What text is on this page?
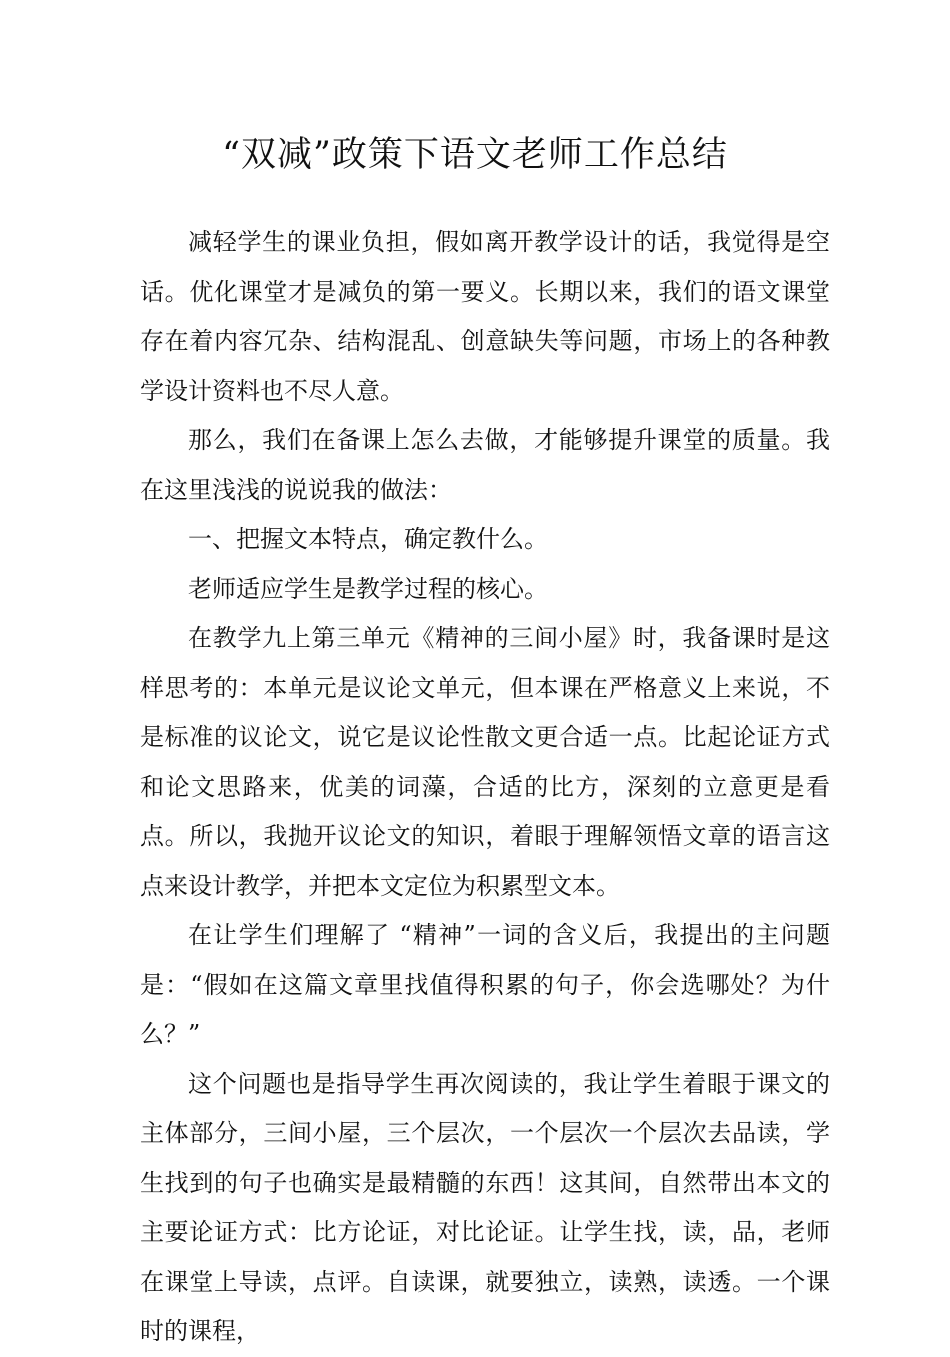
“双减”政策下语文老师工作总结

减轻学生的课业负担，假如离开教学设计的话，我觉得是空话。优化课堂才是减负的第一要义。长期以来，我们的语文课堂存在着内容冗杂、结构混乱、创意缺失等问题，市场上的各种教学设计资料也不尽人意。

那么，我们在备课上怎么去做，才能够提升课堂的质量。我在这里浅浅的说说我的做法：

一、把握文本特点，确定教什么。

老师适应学生是教学过程的核心。

在教学九上第三单元《精神的三间小屋》时，我备课时是这样思考的：本单元是议论文单元，但本课在严格意义上来说，不是标准的议论文，说它是议论性散文更合适一点。比起论证方式和论文思路来，优美的词藻，合适的比方，深刻的立意更是看点。所以，我抛开议论文的知识，着眼于理解领悟文章的语言这点来设计教学，并把本文定位为积累型文本。

在让学生们理解了 “精神”一词的含义后，我提出的主问题是：“假如在这篇文章里找值得积累的句子，你会选哪处？为什么？”

这个问题也是指导学生再次阅读的，我让学生着眼于课文的主体部分，三间小屋，三个层次，一个层次一个层次去品读，学生找到的句子也确实是最精髓的东西！这其间，自然带出本文的主要论证方式：比方论证，对比论证。让学生找，读，品，老师在课堂上导读，点评。自读课，就要独立，读熟，读透。一个课时的课程，
